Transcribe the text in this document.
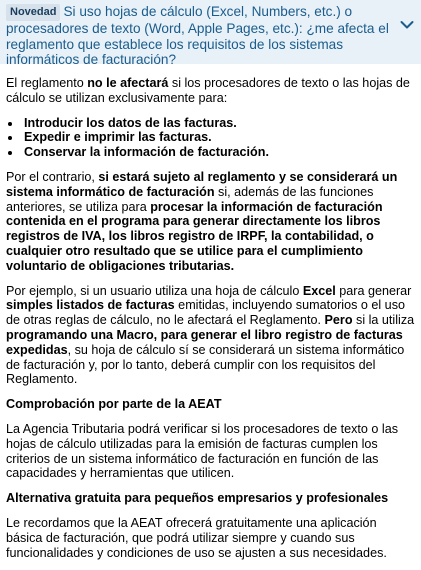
Novedad Si uso hojas de cálculo (Excel, Numbers, etc.) o procesadores de texto (Word, Apple Pages, etc.): ¿me afecta el reglamento que establece los requisitos de los sistemas informáticos de facturación?

El reglamento no le afectará si los procesadores de texto o las hojas de cálculo se utilizan exclusivamente para:

• Introducir los datos de las facturas.
• Expedir e imprimir las facturas.
• Conservar la información de facturación.

Por el contrario, si estará sujeto al reglamento y se considerará un sistema informático de facturación si, además de las funciones anteriores, se utiliza para procesar la información de facturación contenida en el programa para generar directamente los libros registros de IVA, los libros registro de IRPF, la contabilidad, o cualquier otro resultado que se utilice para el cumplimiento voluntario de obligaciones tributarias.

Por ejemplo, si un usuario utiliza una hoja de cálculo Excel para generar simples listados de facturas emitidas, incluyendo sumatorios o el uso de otras reglas de cálculo, no le afectará el Reglamento. Pero si la utiliza programando una Macro, para generar el libro registro de facturas expedidas, su hoja de cálculo sí se considerará un sistema informático de facturación y, por lo tanto, deberá cumplir con los requisitos del Reglamento.

Comprobación por parte de la AEAT

La Agencia Tributaria podrá verificar si los procesadores de texto o las hojas de cálculo utilizadas para la emisión de facturas cumplen los criterios de un sistema informático de facturación en función de las capacidades y herramientas que utilicen.

Alternativa gratuita para pequeños empresarios y profesionales

Le recordamos que la AEAT ofrecerá gratuitamente una aplicación básica de facturación, que podrá utilizar siempre y cuando sus funcionalidades y condiciones de uso se ajusten a sus necesidades.
